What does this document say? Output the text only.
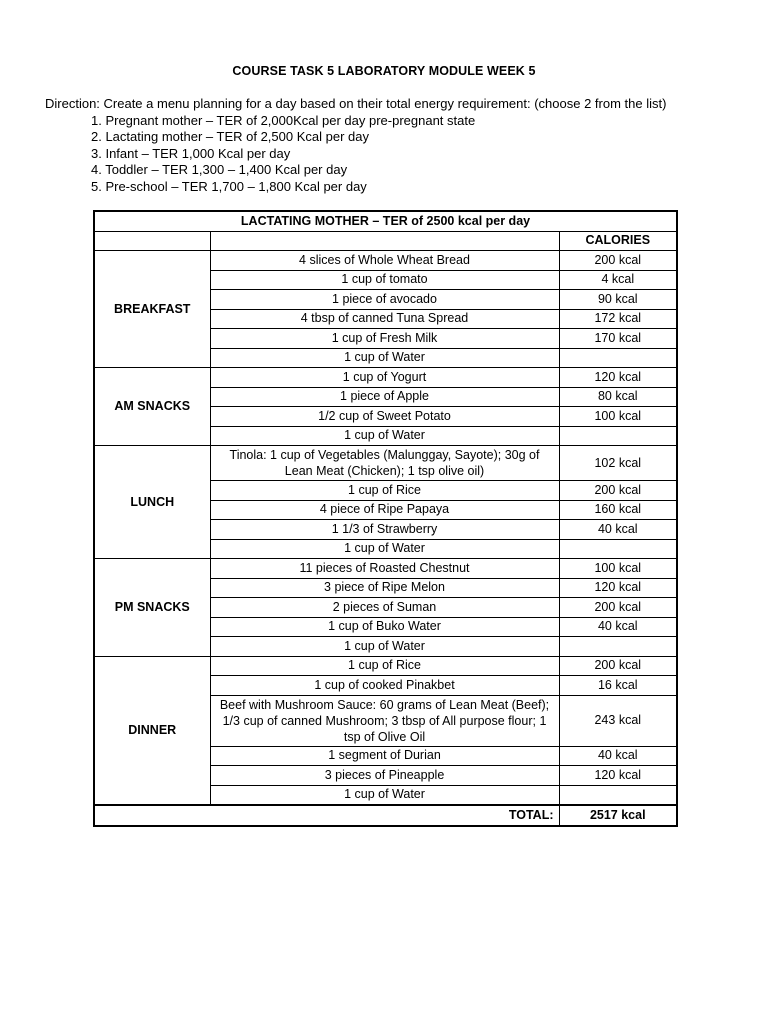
COURSE TASK 5 LABORATORY MODULE WEEK 5
Direction: Create a menu planning for a day based on their total energy requirement: (choose 2 from the list)
1. Pregnant mother – TER of 2,000Kcal per day pre-pregnant state
2. Lactating mother – TER of 2,500 Kcal per day
3. Infant – TER 1,000 Kcal per day
4. Toddler – TER 1,300 – 1,400 Kcal per day
5. Pre-school – TER 1,700 – 1,800 Kcal per day
LACTATING MOTHER – TER of 2500 kcal per day		
		CALORIES
BREAKFAST	4 slices of Whole Wheat Bread	200 kcal
	1 cup of tomato	4 kcal
	1 piece of avocado	90 kcal
	4 tbsp of canned Tuna Spread	172 kcal
	1 cup of Fresh Milk	170 kcal
	1 cup of Water	
AM SNACKS	1 cup of Yogurt	120 kcal
	1 piece of Apple	80 kcal
	1/2 cup of Sweet Potato	100 kcal
	1 cup of Water	
LUNCH	Tinola: 1 cup of Vegetables (Malunggay, Sayote); 30g of Lean Meat (Chicken); 1 tsp olive oil)	102 kcal
	1 cup of Rice	200 kcal
	4 piece of Ripe Papaya	160 kcal
	1 1/3 of Strawberry	40 kcal
	1 cup of Water	
PM SNACKS	11 pieces of Roasted Chestnut	100 kcal
	3 piece of Ripe Melon	120 kcal
	2 pieces of Suman	200 kcal
	1 cup of Buko Water	40 kcal
	1 cup of Water	
DINNER	1 cup of Rice	200 kcal
	1 cup of cooked Pinakbet	16 kcal
	Beef with Mushroom Sauce: 60 grams of Lean Meat (Beef); 1/3 cup of canned Mushroom; 3 tbsp of All purpose flour; 1 tsp of Olive Oil	243 kcal
	1 segment of Durian	40 kcal
	3 pieces of Pineapple	120 kcal
	1 cup of Water	
TOTAL:		2517 kcal
